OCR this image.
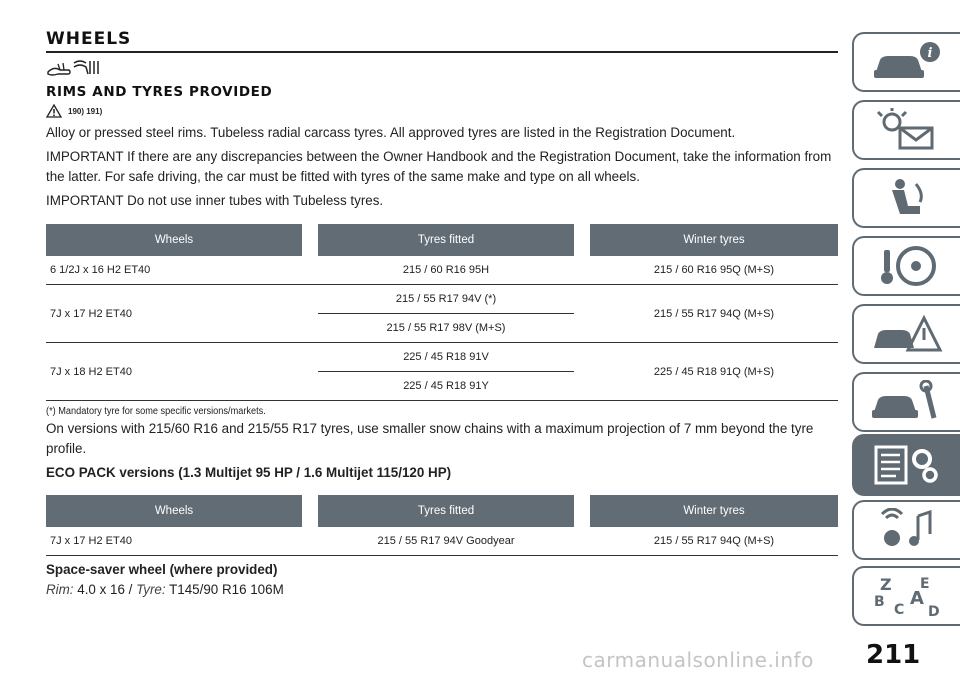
WHEELS
RIMS AND TYRES PROVIDED
190) 191)

Alloy or pressed steel rims. Tubeless radial carcass tyres. All approved tyres are listed in the Registration Document.

IMPORTANT If there are any discrepancies between the Owner Handbook and the Registration Document, take the information from the latter. For safe driving, the car must be fitted with tyres of the same make and type on all wheels.

IMPORTANT Do not use inner tubes with Tubeless tyres.

Wheels		Tyres fitted		Winter tyres
6 1/2J x 16 H2 ET40		215 / 60 R16 95H		215 / 60 R16 95Q (M+S)
7J x 17 H2 ET40		215 / 55 R17 94V (*)		215 / 55 R17 94Q (M+S)
		215 / 55 R17 98V (M+S)		
7J x 18 H2 ET40		225 / 45 R18 91V		225 / 45 R18 91Q (M+S)
		225 / 45 R18 91Y		
(*) Mandatory tyre for some specific versions/markets.

On versions with 215/60 R16 and 215/55 R17 tyres, use smaller snow chains with a maximum projection of 7 mm beyond the tyre profile.

ECO PACK versions (1.3 Multijet 95 HP / 1.6 Multijet 115/120 HP)

Wheels		Tyres fitted		Winter tyres
7J x 17 H2 ET40		215 / 55 R17 94V Goodyear		215 / 55 R17 94Q (M+S)

Space-saver wheel (where provided)

Rim: 4.0 x 16 / Tyre: T145/90 R16 106M

i
Z E
B A
C D
carmanualsonline.info 211
